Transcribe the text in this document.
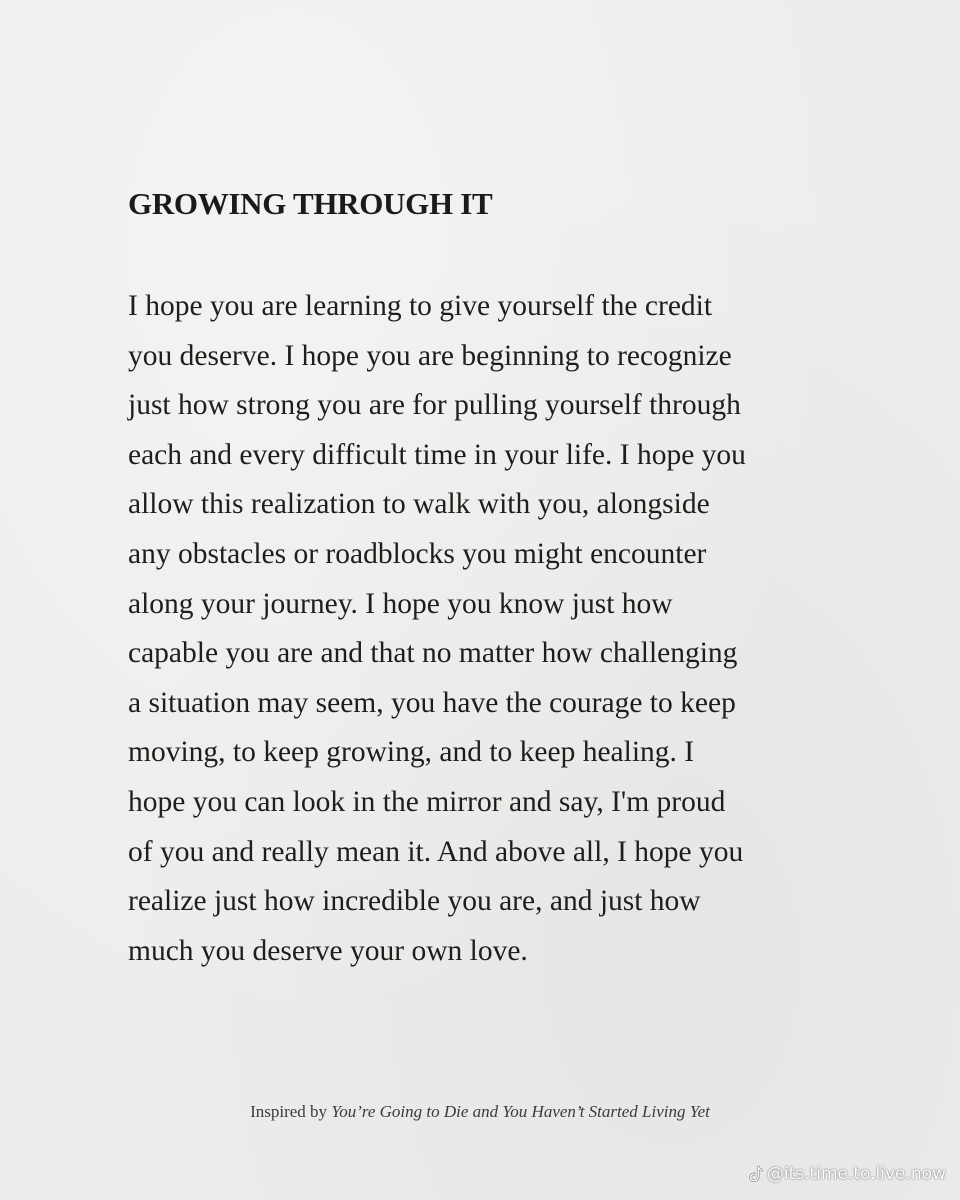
GROWING THROUGH IT
I hope you are learning to give yourself the credit
you deserve. I hope you are beginning to recognize
just how strong you are for pulling yourself through
each and every difficult time in your life. I hope you
allow this realization to walk with you, alongside
any obstacles or roadblocks you might encounter
along your journey. I hope you know just how
capable you are and that no matter how challenging
a situation may seem, you have the courage to keep
moving, to keep growing, and to keep healing. I
hope you can look in the mirror and say, I'm proud
of you and really mean it. And above all, I hope you
realize just how incredible you are, and just how
much you deserve your own love.
Inspired by You’re Going to Die and You Haven’t Started Living Yet
@its.time.to.live.now
